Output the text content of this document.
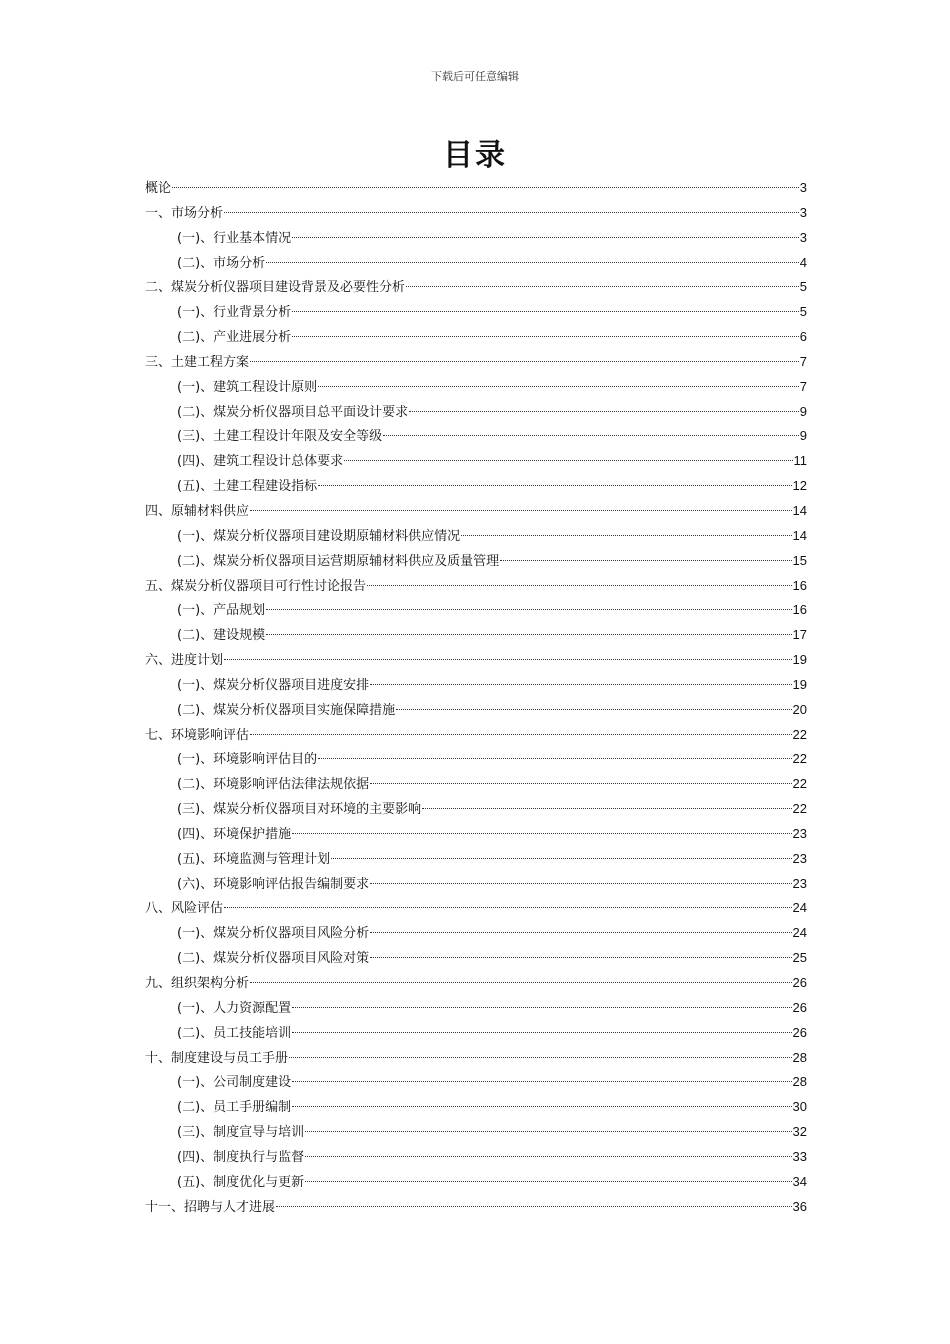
下载后可任意编辑
目录
概论	3
一、市场分析	3
(一)、行业基本情况	3
(二)、市场分析	4
二、煤炭分析仪器项目建设背景及必要性分析	5
(一)、行业背景分析	5
(二)、产业进展分析	6
三、土建工程方案	7
(一)、建筑工程设计原则	7
(二)、煤炭分析仪器项目总平面设计要求	9
(三)、土建工程设计年限及安全等级	9
(四)、建筑工程设计总体要求	11
(五)、土建工程建设指标	12
四、原辅材料供应	14
(一)、煤炭分析仪器项目建设期原辅材料供应情况	14
(二)、煤炭分析仪器项目运营期原辅材料供应及质量管理	15
五、煤炭分析仪器项目可行性讨论报告	16
(一)、产品规划	16
(二)、建设规模	17
六、进度计划	19
(一)、煤炭分析仪器项目进度安排	19
(二)、煤炭分析仪器项目实施保障措施	20
七、环境影响评估	22
(一)、环境影响评估目的	22
(二)、环境影响评估法律法规依据	22
(三)、煤炭分析仪器项目对环境的主要影响	22
(四)、环境保护措施	23
(五)、环境监测与管理计划	23
(六)、环境影响评估报告编制要求	23
八、风险评估	24
(一)、煤炭分析仪器项目风险分析	24
(二)、煤炭分析仪器项目风险对策	25
九、组织架构分析	26
(一)、人力资源配置	26
(二)、员工技能培训	26
十、制度建设与员工手册	28
(一)、公司制度建设	28
(二)、员工手册编制	30
(三)、制度宣导与培训	32
(四)、制度执行与监督	33
(五)、制度优化与更新	34
十一、招聘与人才进展	36
